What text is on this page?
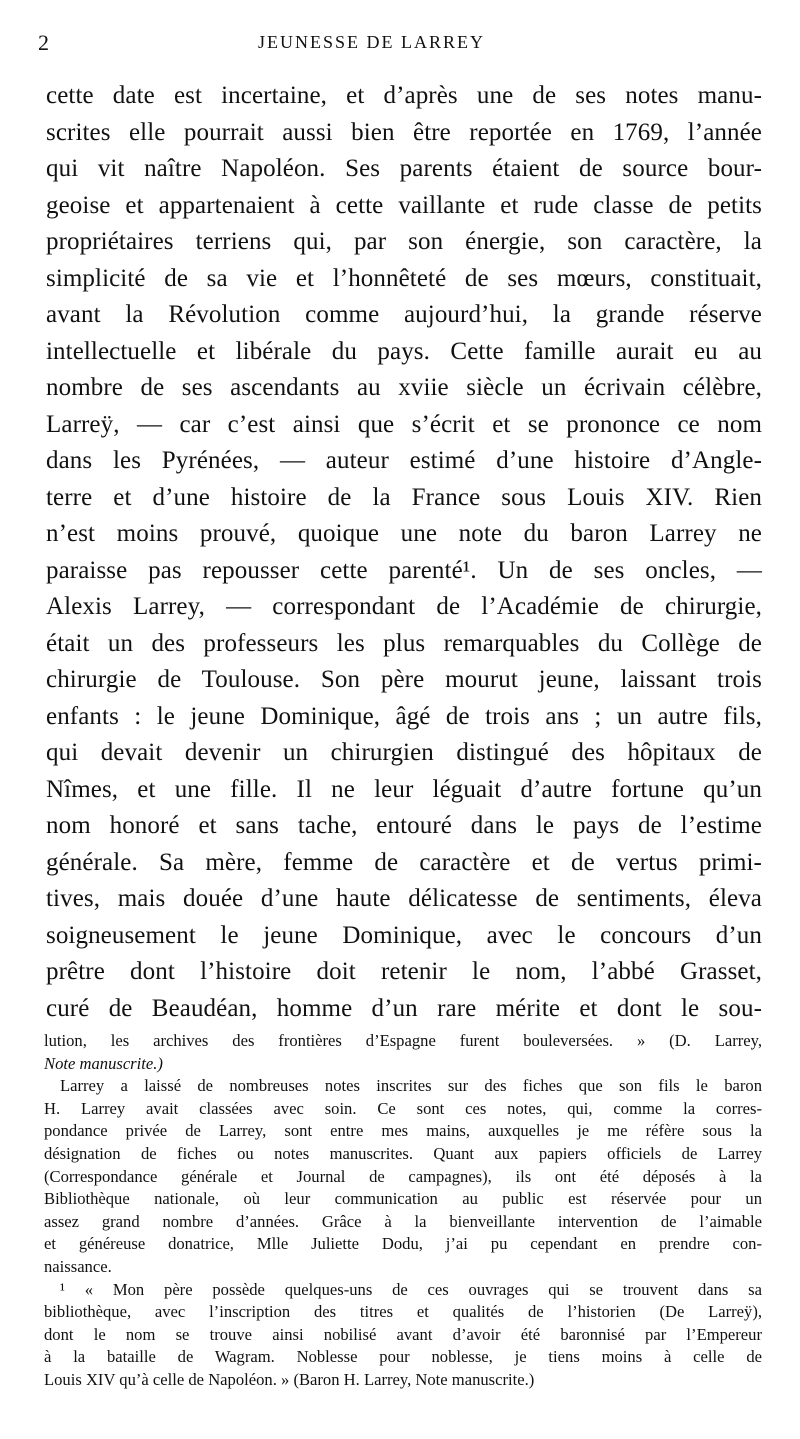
2	JEUNESSE DE LARREY
cette date est incertaine, et d’après une de ses notes manu-
scrites elle pourrait aussi bien être reportée en 1769, l’année
qui vit naître Napoléon. Ses parents étaient de source bour-
geoise et appartenaient à cette vaillante et rude classe de petits
propriétaires terriens qui, par son énergie, son caractère, la
simplicité de sa vie et l’honnêteté de ses mœurs, constituait,
avant la Révolution comme aujourd’hui, la grande réserve
intellectuelle et libérale du pays. Cette famille aurait eu au
nombre de ses ascendants au xviie siècle un écrivain célèbre,
Larreÿ, — car c’est ainsi que s’écrit et se prononce ce nom
dans les Pyrénées, — auteur estimé d’une histoire d’Angle-
terre et d’une histoire de la France sous Louis XIV. Rien
n’est moins prouvé, quoique une note du baron Larrey ne
paraisse pas repousser cette parenté¹. Un de ses oncles, —
Alexis Larrey, — correspondant de l’Académie de chirurgie,
était un des professeurs les plus remarquables du Collège de
chirurgie de Toulouse. Son père mourut jeune, laissant trois
enfants : le jeune Dominique, âgé de trois ans ; un autre fils,
qui devait devenir un chirurgien distingué des hôpitaux de
Nîmes, et une fille. Il ne leur léguait d’autre fortune qu’un
nom honoré et sans tache, entouré dans le pays de l’estime
générale. Sa mère, femme de caractère et de vertus primi-
tives, mais douée d’une haute délicatesse de sentiments, éleva
soigneusement le jeune Dominique, avec le concours d’un
prêtre dont l’histoire doit retenir le nom, l’abbé Grasset,
curé de Beaudéan, homme d’un rare mérite et dont le sou-
lution, les archives des frontières d’Espagne furent bouleversées. » (D. Larrey,
Note manuscrite.)
Larrey a laissé de nombreuses notes inscrites sur des fiches que son fils le baron
H. Larrey avait classées avec soin. Ce sont ces notes, qui, comme la corres-
pondance privée de Larrey, sont entre mes mains, auxquelles je me réfère sous la
désignation de fiches ou notes manuscrites. Quant aux papiers officiels de Larrey
(Correspondance générale et Journal de campagnes), ils ont été déposés à la
Bibliothèque nationale, où leur communication au public est réservée pour un
assez grand nombre d’années. Grâce à la bienveillante intervention de l’aimable
et généreuse donatrice, Mlle Juliette Dodu, j’ai pu cependant en prendre con-
naissance.
¹ « Mon père possède quelques-uns de ces ouvrages qui se trouvent dans sa
bibliothèque, avec l’inscription des titres et qualités de l’historien (De Larreÿ),
dont le nom se trouve ainsi nobilisé avant d’avoir été baronnisé par l’Empereur
à la bataille de Wagram. Noblesse pour noblesse, je tiens moins à celle de
Louis XIV qu’à celle de Napoléon. » (Baron H. Larrey, Note manuscrite.)
